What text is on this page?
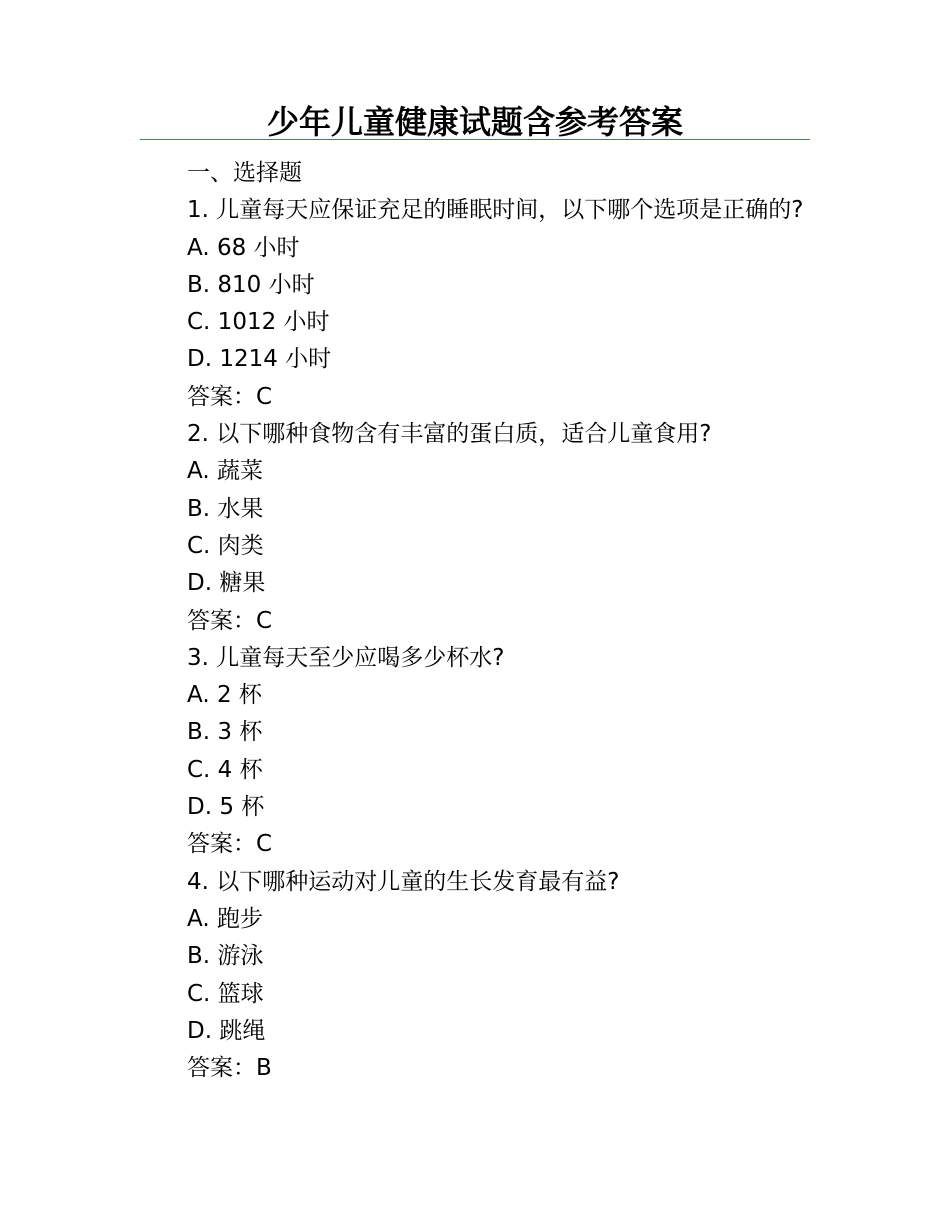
少年儿童健康试题含参考答案

一、选择题

1. 儿童每天应保证充足的睡眠时间，以下哪个选项是正确的?

A. 68 小时

B. 810 小时

C. 1012 小时

D. 1214 小时

答案：C

2. 以下哪种食物含有丰富的蛋白质，适合儿童食用?

A. 蔬菜

B. 水果

C. 肉类

D. 糖果

答案：C

3. 儿童每天至少应喝多少杯水?

A. 2 杯

B. 3 杯

C. 4 杯

D. 5 杯

答案：C

4. 以下哪种运动对儿童的生长发育最有益?

A. 跑步

B. 游泳

C. 篮球

D. 跳绳

答案：B
